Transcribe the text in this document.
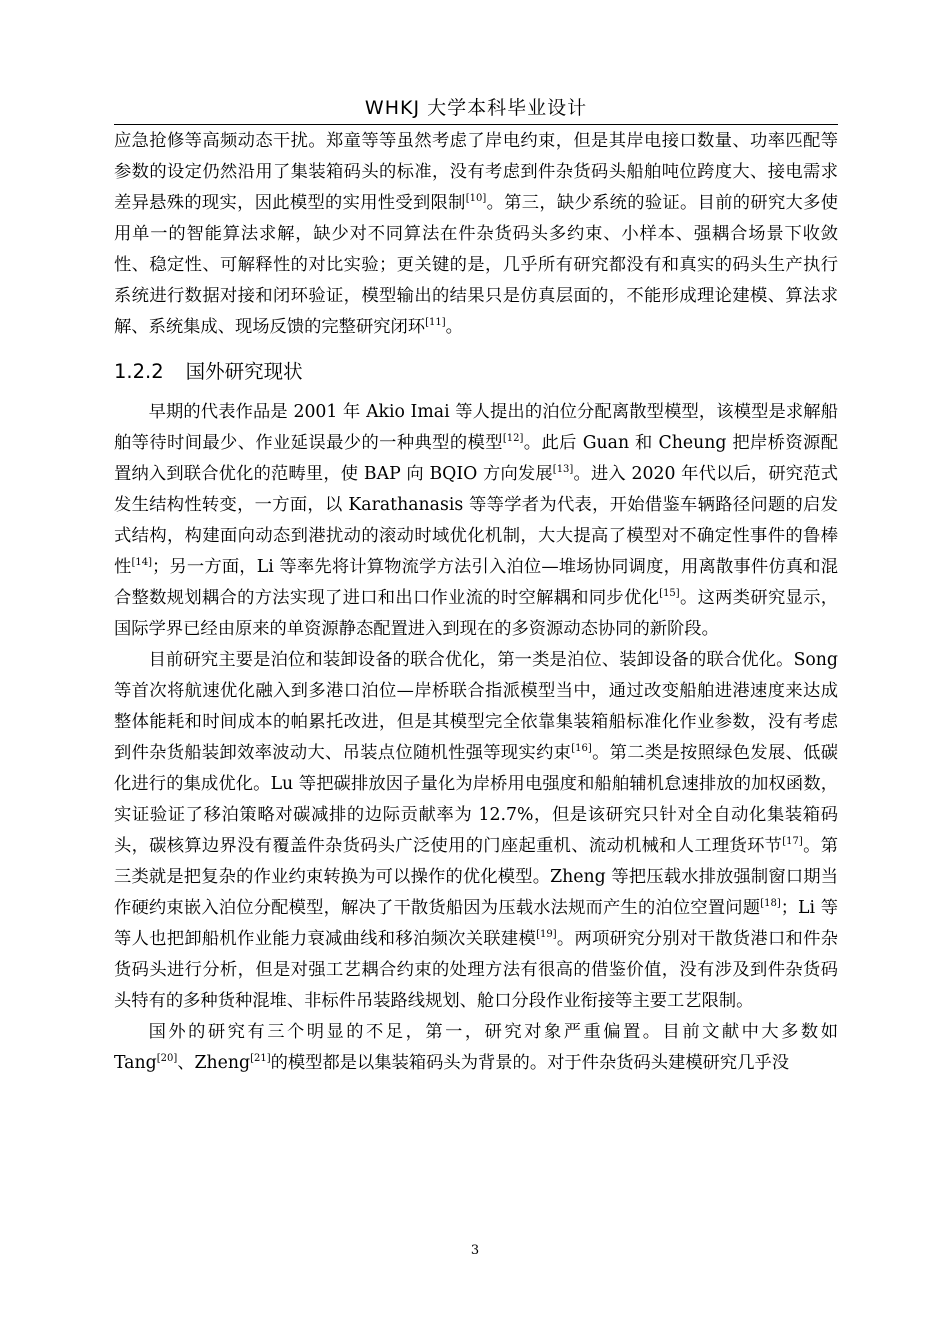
WHKJ 大学本科毕业设计

应急抢修等高频动态干扰。郑童等等虽然考虑了岸电约束，但是其岸电接口数量、功率匹配等参数的设定仍然沿用了集装箱码头的标准，没有考虑到件杂货码头船舶吨位跨度大、接电需求差异悬殊的现实，因此模型的实用性受到限制[10]。第三，缺少系统的验证。目前的研究大多使用单一的智能算法求解，缺少对不同算法在件杂货码头多约束、小样本、强耦合场景下收敛性、稳定性、可解释性的对比实验；更关键的是，几乎所有研究都没有和真实的码头生产执行系统进行数据对接和闭环验证，模型输出的结果只是仿真层面的，不能形成理论建模、算法求解、系统集成、现场反馈的完整研究闭环[11]。

1.2.2 国外研究现状

早期的代表作品是 2001 年 Akio Imai 等人提出的泊位分配离散型模型，该模型是求解船舶等待时间最少、作业延误最少的一种典型的模型[12]。此后 Guan 和 Cheung 把岸桥资源配置纳入到联合优化的范畴里，使 BAP 向 BQIO 方向发展[13]。进入 2020 年代以后，研究范式发生结构性转变，一方面，以 Karathanasis 等等学者为代表，开始借鉴车辆路径问题的启发式结构，构建面向动态到港扰动的滚动时域优化机制，大大提高了模型对不确定性事件的鲁棒性[14]；另一方面，Li 等率先将计算物流学方法引入泊位—堆场协同调度，用离散事件仿真和混合整数规划耦合的方法实现了进口和出口作业流的时空解耦和同步优化[15]。这两类研究显示，国际学界已经由原来的单资源静态配置进入到现在的多资源动态协同的新阶段。

目前研究主要是泊位和装卸设备的联合优化，第一类是泊位、装卸设备的联合优化。Song 等首次将航速优化融入到多港口泊位—岸桥联合指派模型当中，通过改变船舶进港速度来达成整体能耗和时间成本的帕累托改进，但是其模型完全依靠集装箱船标准化作业参数，没有考虑到件杂货船装卸效率波动大、吊装点位随机性强等现实约束[16]。第二类是按照绿色发展、低碳化进行的集成优化。Lu 等把碳排放因子量化为岸桥用电强度和船舶辅机怠速排放的加权函数，实证验证了移泊策略对碳减排的边际贡献率为 12.7%，但是该研究只针对全自动化集装箱码头，碳核算边界没有覆盖件杂货码头广泛使用的门座起重机、流动机械和人工理货环节[17]。第三类就是把复杂的作业约束转换为可以操作的优化模型。Zheng 等把压载水排放强制窗口期当作硬约束嵌入泊位分配模型，解决了干散货船因为压载水法规而产生的泊位空置问题[18]；Li 等等人也把卸船机作业能力衰减曲线和移泊频次关联建模[19]。两项研究分别对干散货港口和件杂货码头进行分析，但是对强工艺耦合约束的处理方法有很高的借鉴价值，没有涉及到件杂货码头特有的多种货种混堆、非标件吊装路线规划、舱口分段作业衔接等主要工艺限制。

国外的研究有三个明显的不足，第一，研究对象严重偏置。目前文献中大多数如 Tang[20]、Zheng[21]的模型都是以集装箱码头为背景的。对于件杂货码头建模研究几乎没

3
